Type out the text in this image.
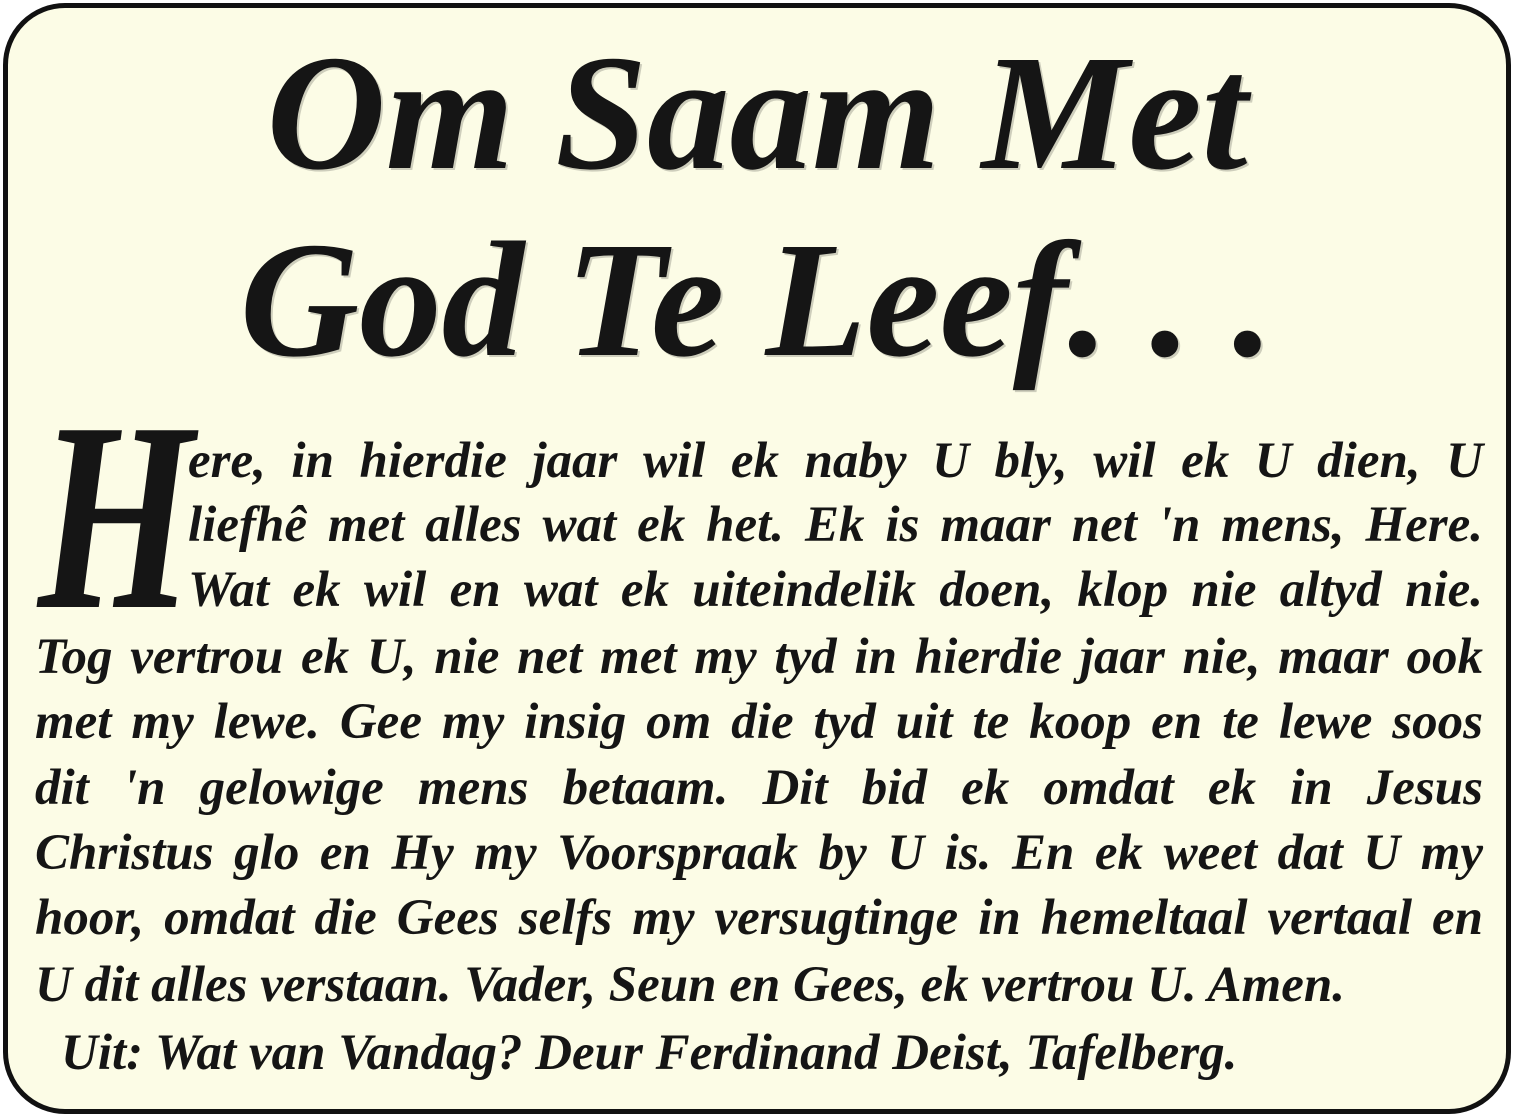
Om Saam Met
God Te Leef. . .
H
ere, in hierdie jaar wil ek naby U bly, wil ek U dien, U
liefhê met alles wat ek het. Ek is maar net 'n mens, Here.
Wat ek wil en wat ek uiteindelik doen, klop nie altyd nie.
Tog vertrou ek U, nie net met my tyd in hierdie jaar nie, maar ook
met my lewe. Gee my insig om die tyd uit te koop en te lewe soos
dit 'n gelowige mens betaam. Dit bid ek omdat ek in Jesus
Christus glo en Hy my Voorspraak by U is. En ek weet dat U my
hoor, omdat die Gees selfs my versugtinge in hemeltaal vertaal en
U dit alles verstaan. Vader, Seun en Gees, ek vertrou U. Amen.
Uit: Wat van Vandag? Deur Ferdinand Deist, Tafelberg.
